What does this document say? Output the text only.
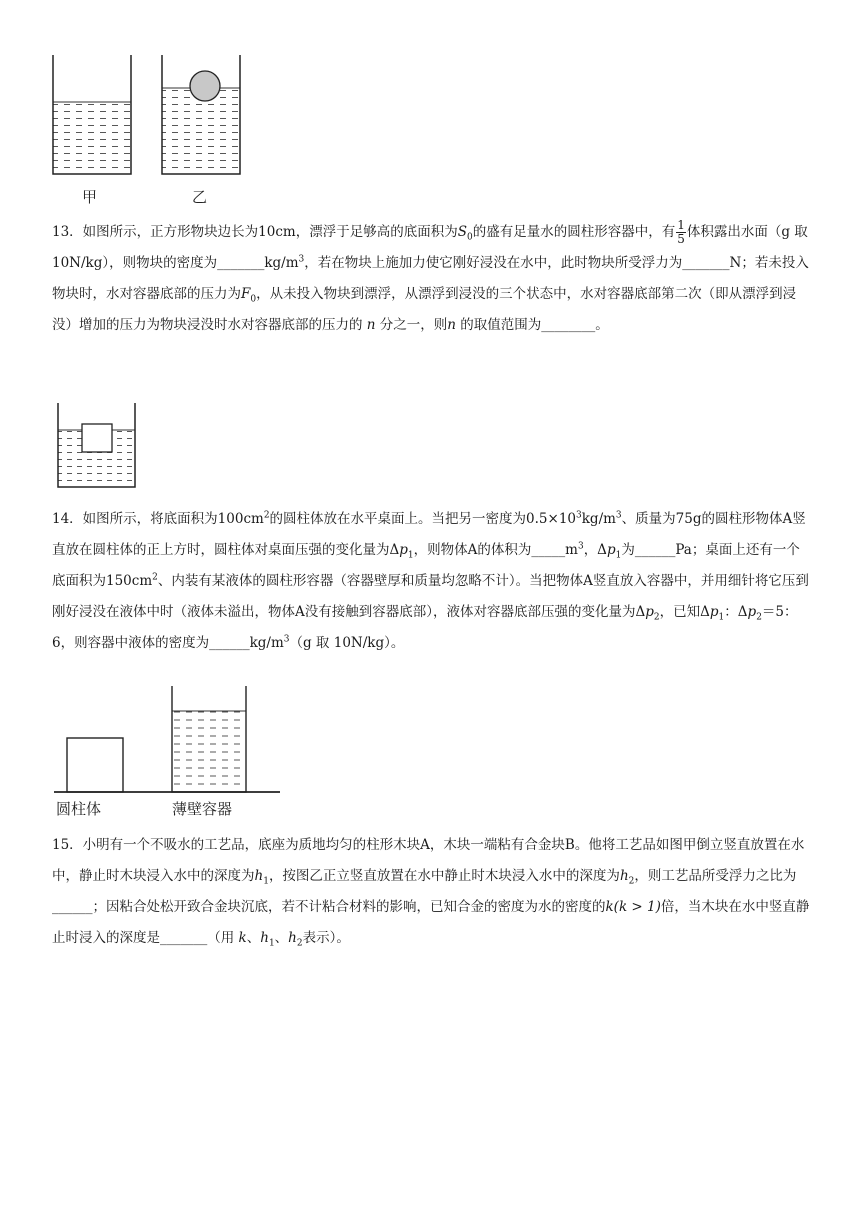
甲	乙
13．如图所示，正方形物块边长为10cm，漂浮于足够高的底面积为$S_0$的盛有足量水的圆柱形容器中，有 $\frac{1}{5}$ 体积露出水面（g 取 10N/kg），则物块的密度为$\_\_\_\_\_\_\_kg/m^3$，若在物块上施加力使它刚好浸没在水中，此时物块所受浮力为_______N；若未投入物块时，水对容器底部的压力为$F_0$，从未投入物块到漂浮，从漂浮到浸没的三个状态中，水对容器底部第二次（即从漂浮到浸没）增加的压力为物块浸没时水对容器底部的压力的 n 分之一，则n 的取值范围为________。
14．如图所示，将底面积为$100cm^2$的圆柱体放在水平桌面上。当把另一密度为$0.5\times 10^3kg/m^3$、质量为75g的圆柱形物体A竖直放在圆柱体的正上方时，圆柱体对桌面压强的变化量为$\Delta p_1$，则物体A的体积为$\_\_\_\_\_m^3$，$\Delta p_1$为______Pa；桌面上还有一个底面积为$150cm^2$、内装有某液体的圆柱形容器（容器壁厚和质量均忽略不计）。当把物体A竖直放入容器中，并用细针将它压到刚好浸没在液体中时（液体未溢出，物体A没有接触到容器底部），液体对容器底部压强的变化量为$\Delta p_2$，已知$\Delta p_1$：$\Delta p_2=5$：6，则容器中液体的密度为$\_\_\_\_\_\_kg/m^3(g$ 取 10N/kg）。
圆柱体	薄壁容器
15．小明有一个不吸水的工艺品，底座为质地均匀的柱形木块A，木块一端粘有合金块B。他将工艺品如图甲倒立竖直放置在水中，静止时木块浸入水中的深度为$h_1$，按图乙正立竖直放置在水中静止时木块浸入水中的深度为$h_2$，则工艺品所受浮力之比为______；因粘合处松开致合金块沉底，若不计粘合材料的影响，已知合金的密度为水的密度的k(k > 1)倍，当木块在水中竖直静止时浸入的深度是_______（用 k、$h_1$、$h_2$表示）。
